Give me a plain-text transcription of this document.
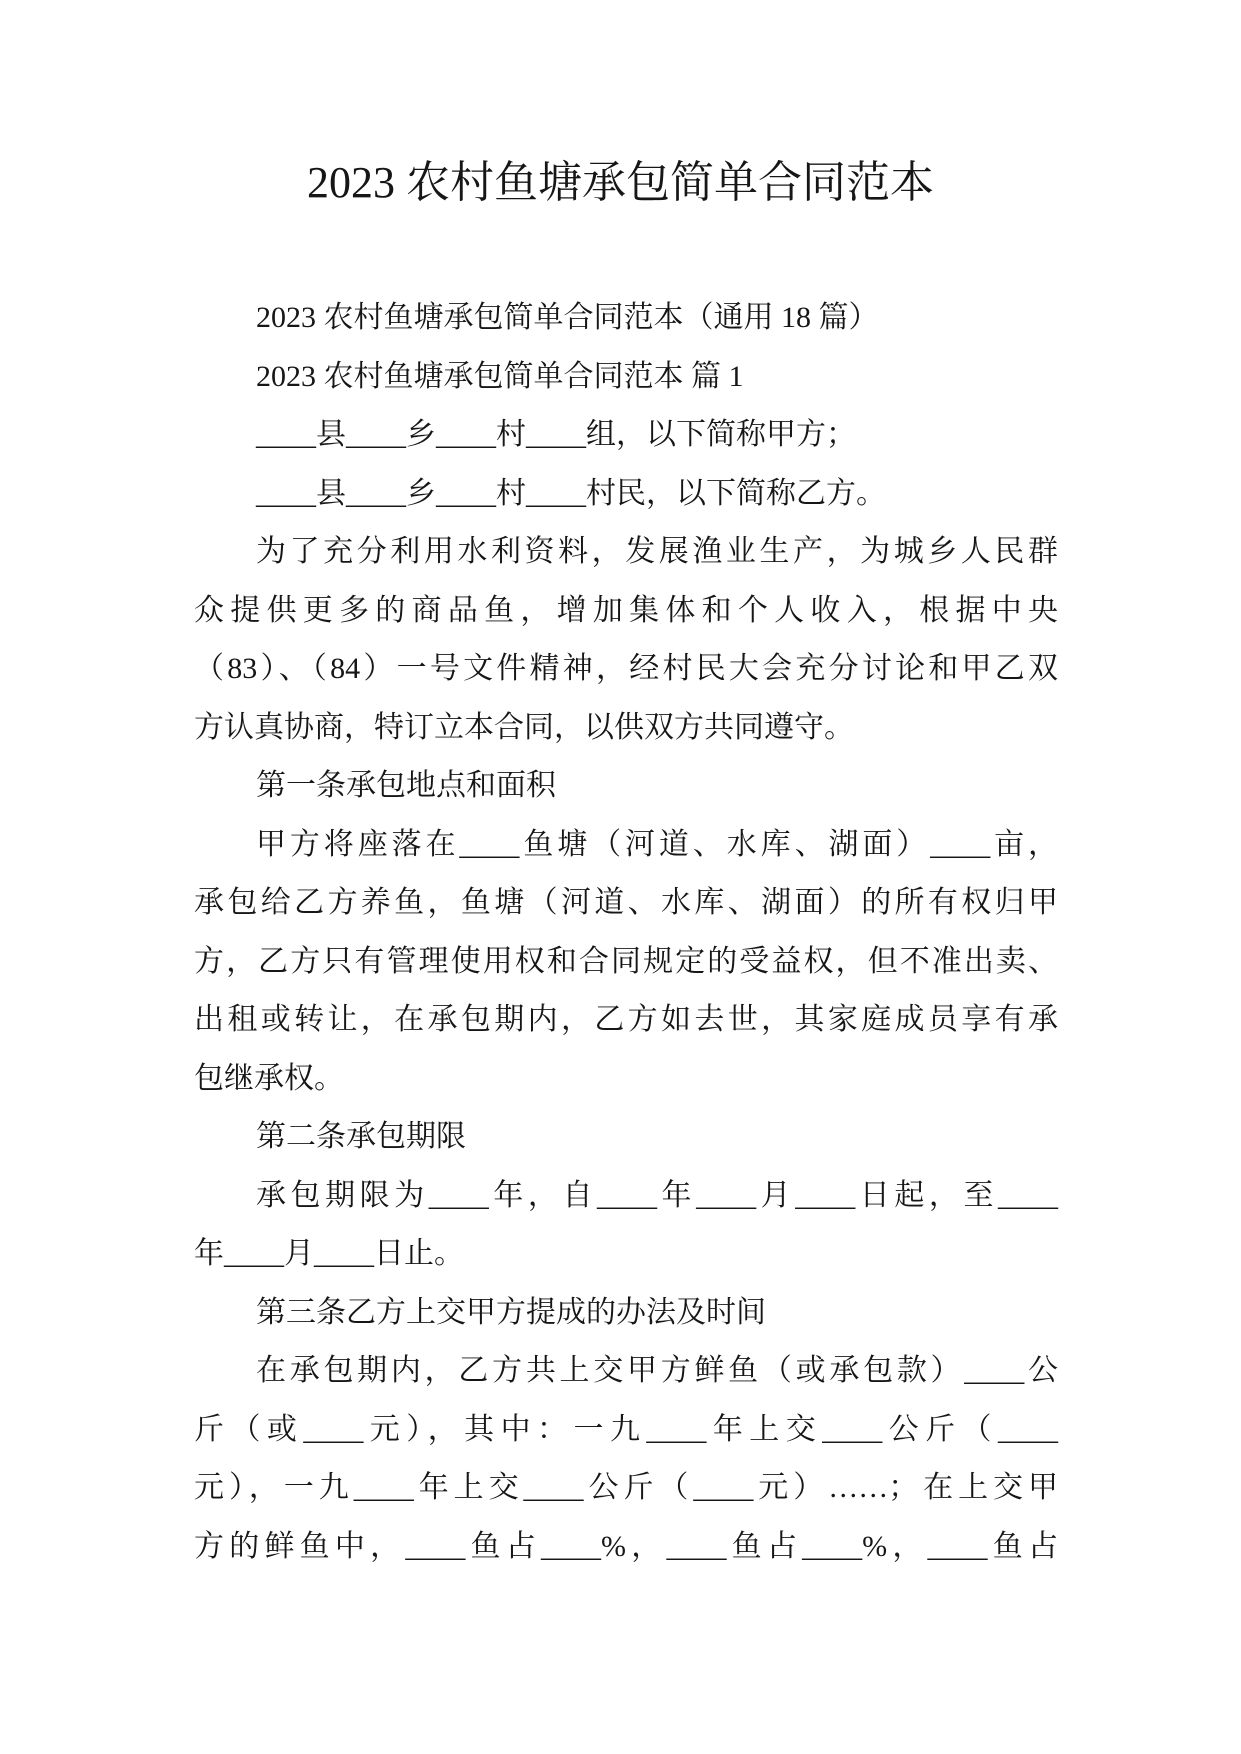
2023 农村鱼塘承包简单合同范本
2023 农村鱼塘承包简单合同范本（通用 18 篇）
2023 农村鱼塘承包简单合同范本 篇 1
____县____乡____村____组，以下简称甲方；
____县____乡____村____村民，以下简称乙方。
为了充分利用水利资料，发展渔业生产，为城乡人民群
众提供更多的商品鱼，增加集体和个人收入，根据中央
（83）、（84）一号文件精神，经村民大会充分讨论和甲乙双
方认真协商，特订立本合同，以供双方共同遵守。
第一条承包地点和面积
甲方将座落在____鱼塘（河道、水库、湖面）____亩，
承包给乙方养鱼，鱼塘（河道、水库、湖面）的所有权归甲
方，乙方只有管理使用权和合同规定的受益权，但不准出卖、
出租或转让，在承包期内，乙方如去世，其家庭成员享有承
包继承权。
第二条承包期限
承包期限为____年，自____年____月____日起，至____
年____月____日止。
第三条乙方上交甲方提成的办法及时间
在承包期内，乙方共上交甲方鲜鱼（或承包款）____公
斤（或____元），其中：一九____年上交____公斤（____
元），一九____年上交____公斤（____元）……；在上交甲
方的鲜鱼中，____鱼占____%，____鱼占____%，____鱼占
